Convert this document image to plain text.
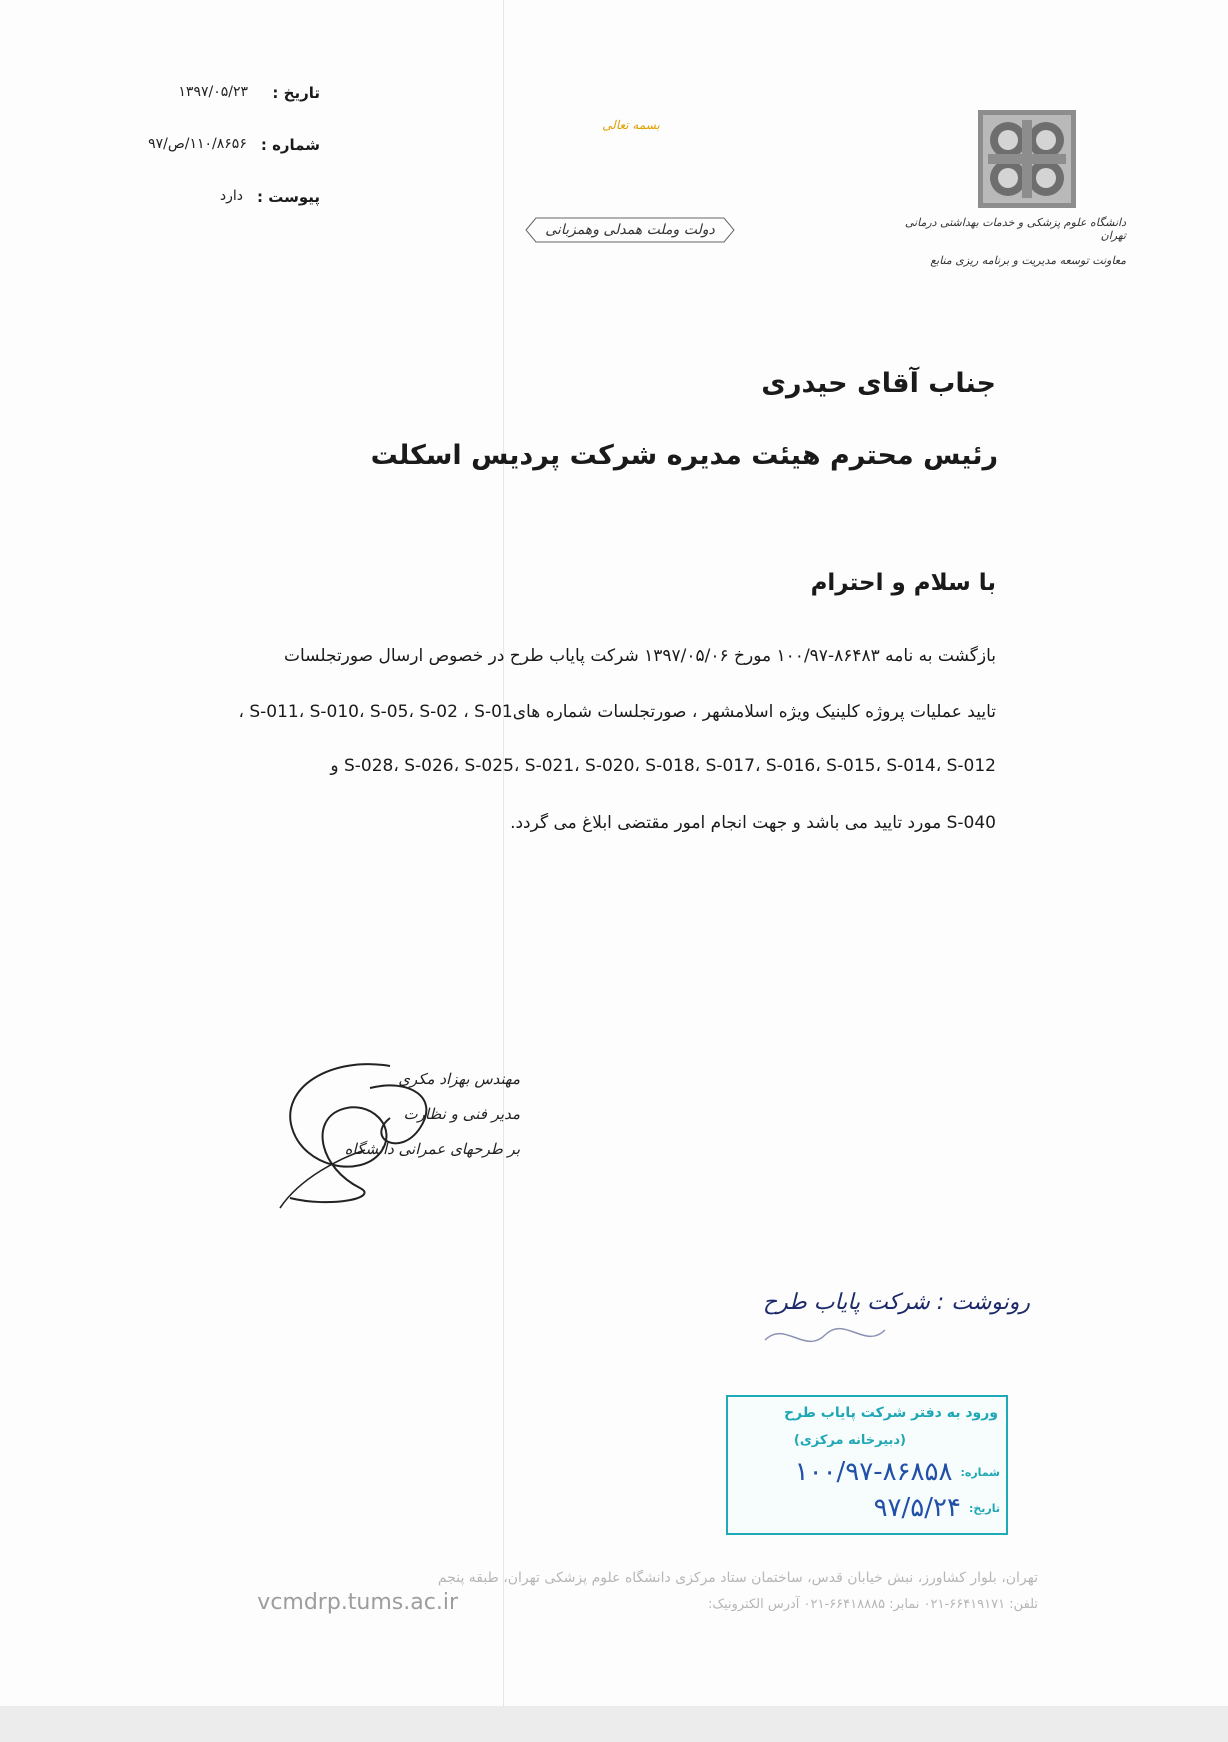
تاریخ :
۱۳۹۷/۰۵/۲۳
شماره :
۱۱۰/۸۶۵۶/ص/۹۷
پیوست :
دارد
بسمه تعالی
دولت وملت همدلی وهمزبانی	دانشگاه علوم پزشکی و خدمات بهداشتی درمانی تهران
معاونت توسعه مدیریت و برنامه ریزی منابع
جناب آقای حیدری
رئیس محترم هیئت مدیره شرکت پردیس اسکلت
با سلام و احترام
بازگشت به نامه ۸۶۴۸۳-۱۰۰/۹۷ مورخ ۱۳۹۷/۰۵/۰۶ شرکت پایاب طرح در خصوص ارسال صورتجلسات
تایید عملیات پروژه کلینیک ویژه اسلامشهر ، صورتجلسات شماره هایS-011، S-010، S-05، S-02 ، S-01 ،
S-028، S-026، S-025، S-021، S-020، S-018، S-017، S-016، S-015، S-014، S-012 و
S-040 مورد تایید می باشد و جهت انجام امور مقتضی ابلاغ می گردد.
مهندس بهزاد مکری
مدیر فنی و نظارت
بر طرحهای عمرانی دانشگاه
رونوشت : شرکت پایاب طرح
ورود به دفتر شرکت پایاب طرح
(دبیرخانه مرکزی)
شماره:
۱۰۰/۹۷-۸۶۸۵۸
تاریخ:
۹۷/۵/۲۴
تهران، بلوار کشاورز، نبش خیابان قدس، ساختمان ستاد مرکزی دانشگاه علوم پزشکی تهران، طبقه پنجم
تلفن: ۶۶۴۱۹۱۷۱-۰۲۱ نمابر: ۶۶۴۱۸۸۸۵-۰۲۱ آدرس الکترونیک:
vcmdrp.tums.ac.ir
